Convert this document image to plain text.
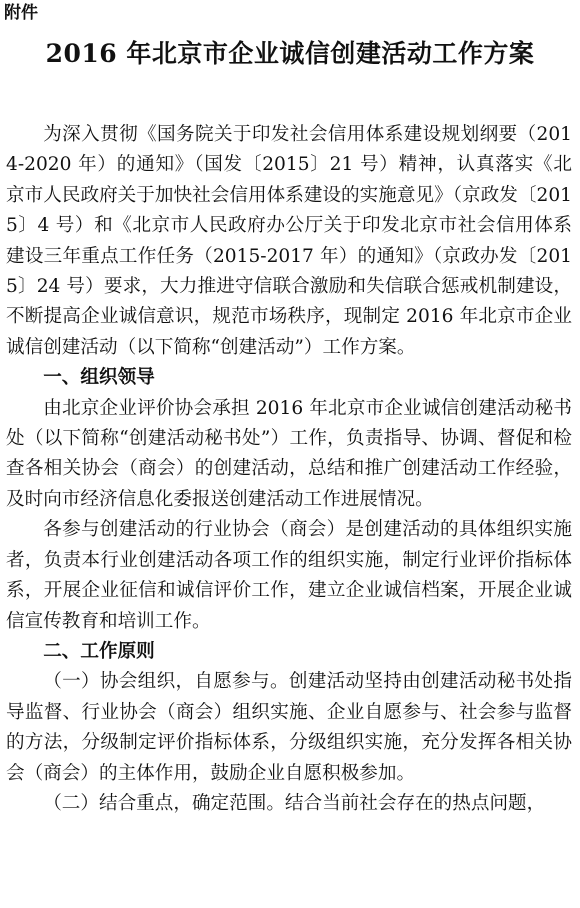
附件
2016 年北京市企业诚信创建活动工作方案

为深入贯彻《国务院关于印发社会信用体系建设规划纲要（2014-2020 年）的通知》（国发〔2015〕21 号）精神，认真落实《北京市人民政府关于加快社会信用体系建设的实施意见》（京政发〔2015〕4 号）和《北京市人民政府办公厅关于印发北京市社会信用体系建设三年重点工作任务（2015-2017 年）的通知》（京政办发〔2015〕24 号）要求，大力推进守信联合激励和失信联合惩戒机制建设，不断提高企业诚信意识，规范市场秩序，现制定 2016 年北京市企业诚信创建活动（以下简称“创建活动”）工作方案。

一、组织领导

由北京企业评价协会承担 2016 年北京市企业诚信创建活动秘书处（以下简称“创建活动秘书处”）工作，负责指导、协调、督促和检查各相关协会（商会）的创建活动，总结和推广创建活动工作经验，及时向市经济信息化委报送创建活动工作进展情况。

各参与创建活动的行业协会（商会）是创建活动的具体组织实施者，负责本行业创建活动各项工作的组织实施，制定行业评价指标体系，开展企业征信和诚信评价工作，建立企业诚信档案，开展企业诚信宣传教育和培训工作。

二、工作原则

（一）协会组织，自愿参与。创建活动坚持由创建活动秘书处指导监督、行业协会（商会）组织实施、企业自愿参与、社会参与监督的方法，分级制定评价指标体系，分级组织实施，充分发挥各相关协会（商会）的主体作用，鼓励企业自愿积极参加。

（二）结合重点，确定范围。结合当前社会存在的热点问题，
